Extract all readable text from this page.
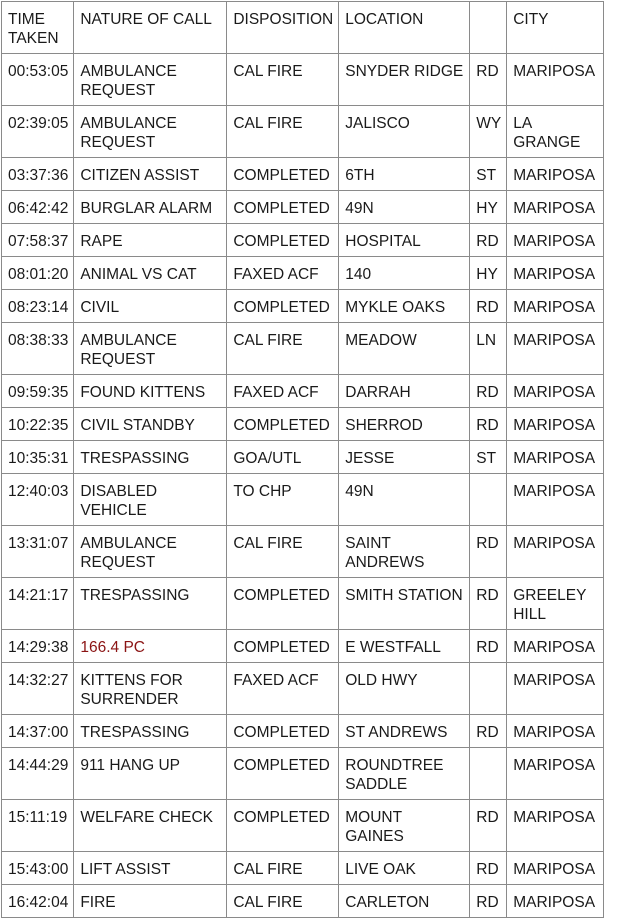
TIME TAKEN	NATURE OF CALL	DISPOSITION	LOCATION		CITY
00:53:05	AMBULANCE REQUEST	CAL FIRE	SNYDER RIDGE	RD	MARIPOSA
02:39:05	AMBULANCE REQUEST	CAL FIRE	JALISCO	WY	LA GRANGE
03:37:36	CITIZEN ASSIST	COMPLETED	6TH	ST	MARIPOSA
06:42:42	BURGLAR ALARM	COMPLETED	49N	HY	MARIPOSA
07:58:37	RAPE	COMPLETED	HOSPITAL	RD	MARIPOSA
08:01:20	ANIMAL VS CAT	FAXED ACF	140	HY	MARIPOSA
08:23:14	CIVIL	COMPLETED	MYKLE OAKS	RD	MARIPOSA
08:38:33	AMBULANCE REQUEST	CAL FIRE	MEADOW	LN	MARIPOSA
09:59:35	FOUND KITTENS	FAXED ACF	DARRAH	RD	MARIPOSA
10:22:35	CIVIL STANDBY	COMPLETED	SHERROD	RD	MARIPOSA
10:35:31	TRESPASSING	GOA/UTL	JESSE	ST	MARIPOSA
12:40:03	DISABLED VEHICLE	TO CHP	49N		MARIPOSA
13:31:07	AMBULANCE REQUEST	CAL FIRE	SAINT ANDREWS	RD	MARIPOSA
14:21:17	TRESPASSING	COMPLETED	SMITH STATION	RD	GREELEY HILL
14:29:38	166.4 PC	COMPLETED	E WESTFALL	RD	MARIPOSA
14:32:27	KITTENS FOR SURRENDER	FAXED ACF	OLD HWY		MARIPOSA
14:37:00	TRESPASSING	COMPLETED	ST ANDREWS	RD	MARIPOSA
14:44:29	911 HANG UP	COMPLETED	ROUNDTREE SADDLE		MARIPOSA
15:11:19	WELFARE CHECK	COMPLETED	MOUNT GAINES	RD	MARIPOSA
15:43:00	LIFT ASSIST	CAL FIRE	LIVE OAK	RD	MARIPOSA
16:42:04	FIRE	CAL FIRE	CARLETON	RD	MARIPOSA
